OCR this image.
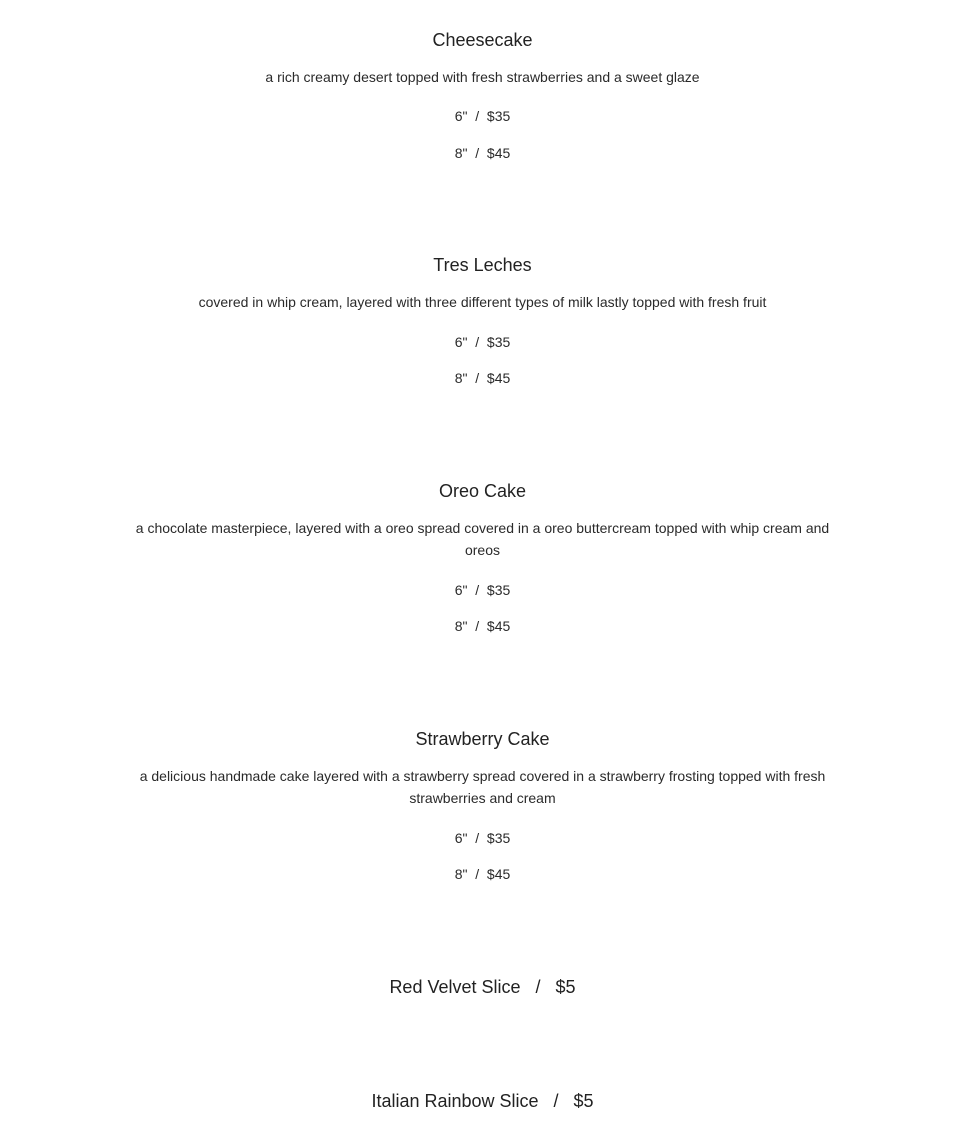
Cheesecake
a rich creamy desert topped with fresh strawberries and a sweet glaze
6"  /  $35
8"  /  $45
Tres Leches
covered in whip cream, layered with three different types of milk lastly topped with fresh fruit
6"  /  $35
8"  /  $45
Oreo Cake
a chocolate masterpiece, layered with a oreo spread covered in a oreo buttercream topped with whip cream and oreos
6"  /  $35
8"  /  $45
Strawberry Cake
a delicious handmade cake layered with a strawberry spread covered in a strawberry frosting topped with fresh strawberries and cream
6"  /  $35
8"  /  $45
Red Velvet Slice   /   $5
Italian Rainbow Slice   /   $5
